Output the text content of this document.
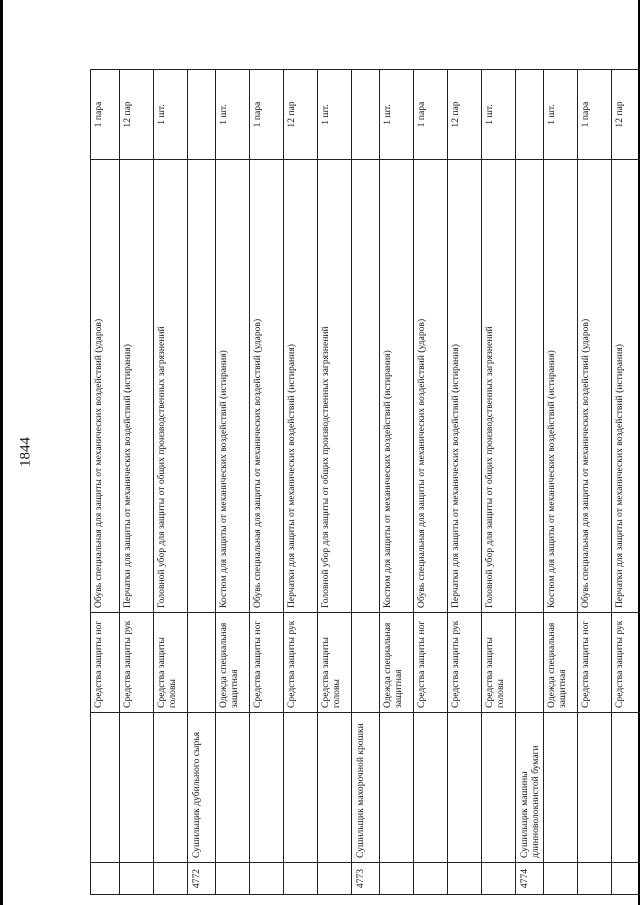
1844
		Средства защиты ног	Обувь специальная для защиты от механических воздействий (ударов)	1 пара
		Средства защиты рук	Перчатки для защиты от механических воздействий (истирания)	12 пар
		Средства защиты головы	Головной убор для защиты от общих производственных загрязнений	1 шт.
4772	Сушильщик дубильного сырья			
		Одежда специальная защитная	Костюм для защиты от механических воздействий (истирания)	1 шт.
		Средства защиты ног	Обувь специальная для защиты от механических воздействий (ударов)	1 пара
		Средства защиты рук	Перчатки для защиты от механических воздействий (истирания)	12 пар
		Средства защиты головы	Головной убор для защиты от общих производственных загрязнений	1 шт.
4773	Сушильщик махорочной крошки			
		Одежда специальная защитная	Костюм для защиты от механических воздействий (истирания)	1 шт.
		Средства защиты ног	Обувь специальная для защиты от механических воздействий (ударов)	1 пара
		Средства защиты рук	Перчатки для защиты от механических воздействий (истирания)	12 пар
		Средства защиты головы	Головной убор для защиты от общих производственных загрязнений	1 шт.
4774	Сушильщик машины длинноволокнистой бумаги			
		Одежда специальная защитная	Костюм для защиты от механических воздействий (истирания)	1 шт.
		Средства защиты ног	Обувь специальная для защиты от механических воздействий (ударов)	1 пара
		Средства защиты рук	Перчатки для защиты от механических воздействий (истирания)	12 пар
